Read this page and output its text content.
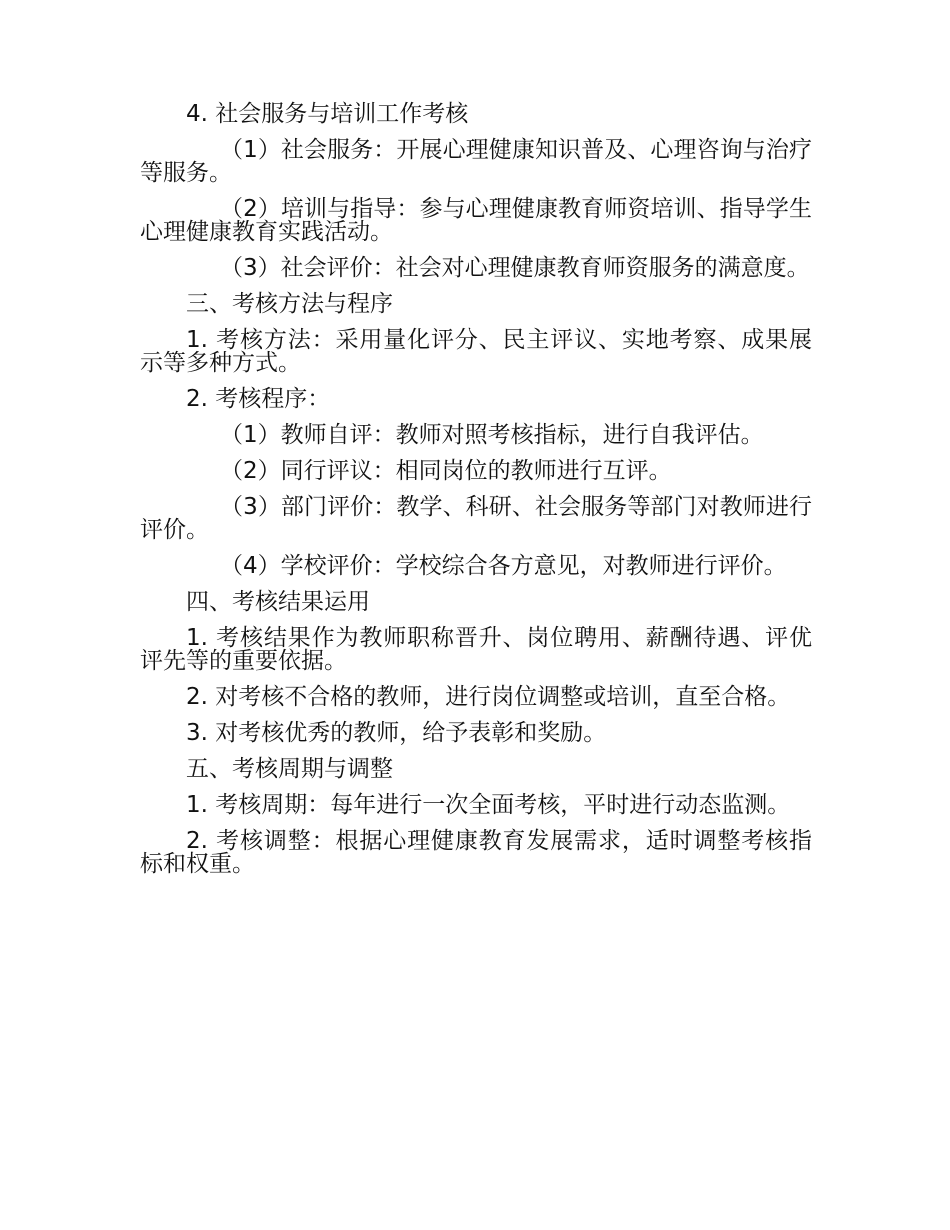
4. 社会服务与培训工作考核

（1）社会服务：开展心理健康知识普及、心理咨询与治疗等服务。

（2）培训与指导：参与心理健康教育师资培训、指导学生心理健康教育实践活动。

（3）社会评价：社会对心理健康教育师资服务的满意度。

三、考核方法与程序

1. 考核方法：采用量化评分、民主评议、实地考察、成果展示等多种方式。

2. 考核程序：

（1）教师自评：教师对照考核指标，进行自我评估。

（2）同行评议：相同岗位的教师进行互评。

（3）部门评价：教学、科研、社会服务等部门对教师进行评价。

（4）学校评价：学校综合各方意见，对教师进行评价。

四、考核结果运用

1. 考核结果作为教师职称晋升、岗位聘用、薪酬待遇、评优评先等的重要依据。

2. 对考核不合格的教师，进行岗位调整或培训，直至合格。

3. 对考核优秀的教师，给予表彰和奖励。

五、考核周期与调整

1. 考核周期：每年进行一次全面考核，平时进行动态监测。

2. 考核调整：根据心理健康教育发展需求，适时调整考核指标和权重。
